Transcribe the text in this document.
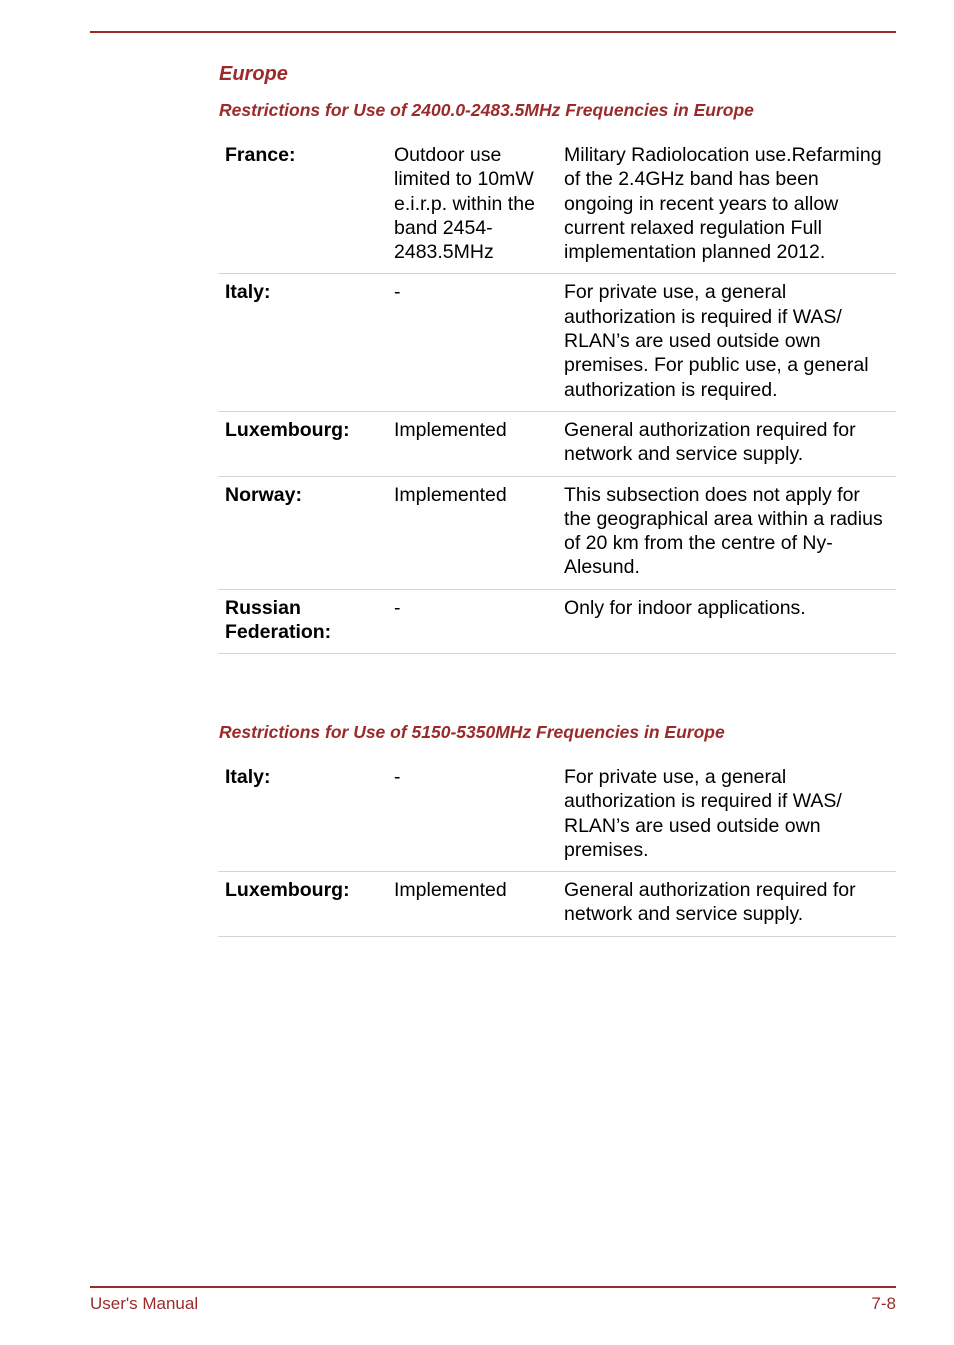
Europe
Restrictions for Use of 2400.0-2483.5MHz Frequencies in Europe
France:	Outdoor use limited to 10mW e.i.r.p. within the band 2454-2483.5MHz	Military Radiolocation use.Refarming of the 2.4GHz band has been ongoing in recent years to allow current relaxed regulation Full implementation planned 2012.
Italy:	-	For private use, a general authorization is required if WAS/ RLAN’s are used outside own premises. For public use, a general authorization is required.
Luxembourg:	Implemented	General authorization required for network and service supply.
Norway:	Implemented	This subsection does not apply for the geographical area within a radius of 20 km from the centre of Ny-Alesund.
Russian Federation:	-	Only for indoor applications.
Restrictions for Use of 5150-5350MHz Frequencies in Europe
Italy:	-	For private use, a general authorization is required if WAS/ RLAN’s are used outside own premises.
Luxembourg:	Implemented	General authorization required for network and service supply.
User's Manual	7-8
